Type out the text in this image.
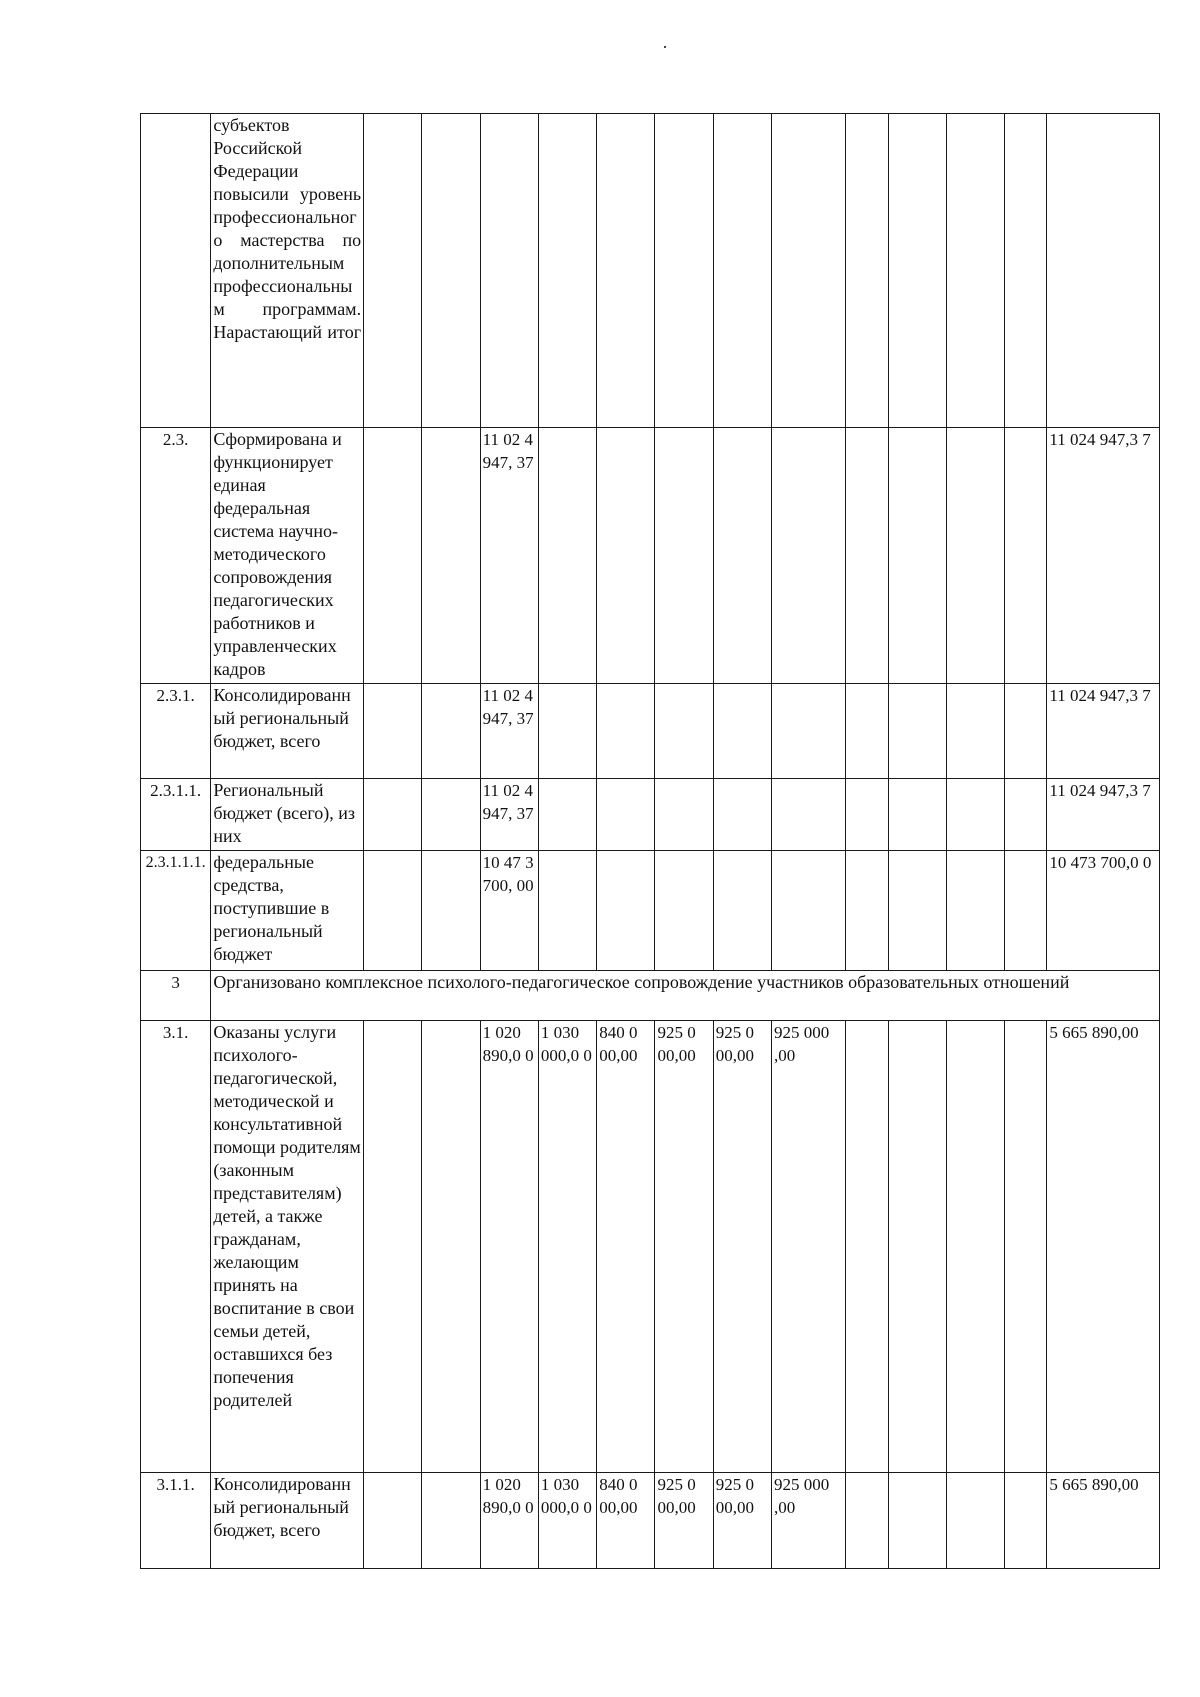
	субъектов Российской Федерации повысили уровень профессионального мастерства по дополнительным профессиональным программам. Нарастающий итог													
2.3.	Сформирована и функционирует единая федеральная система научно-методического сопровождения педагогических работников и управленческих кадров			11 02 4 947, 37										11 024 947,3 7
2.3.1.	Консолидированный региональный бюджет, всего			11 02 4 947, 37										11 024 947,3 7
2.3.1.1.	Региональный бюджет (всего), из них			11 02 4 947, 37										11 024 947,3 7
2.3.1.1.1.	федеральные средства, поступившие в региональный бюджет			10 47 3 700, 00										10 473 700,0 0
3	Организовано комплексное психолого-педагогическое сопровождение участников образовательных отношений													
3.1.	Оказаны услуги психолого-педагогической, методической и консультативной помощи родителям (законным представителям) детей, а также гражданам, желающим принять на воспитание в свои семьи детей, оставшихся без попечения родителей			1 020 890,0 0	1 030 000,0 0	840 0 00,00	925 0 00,00	925 0 00,00	925 000 ,00					5 665 890,00
3.1.1.	Консолидированный региональный бюджет, всего			1 020 890,0 0	1 030 000,0 0	840 0 00,00	925 0 00,00	925 0 00,00	925 000 ,00					5 665 890,00
